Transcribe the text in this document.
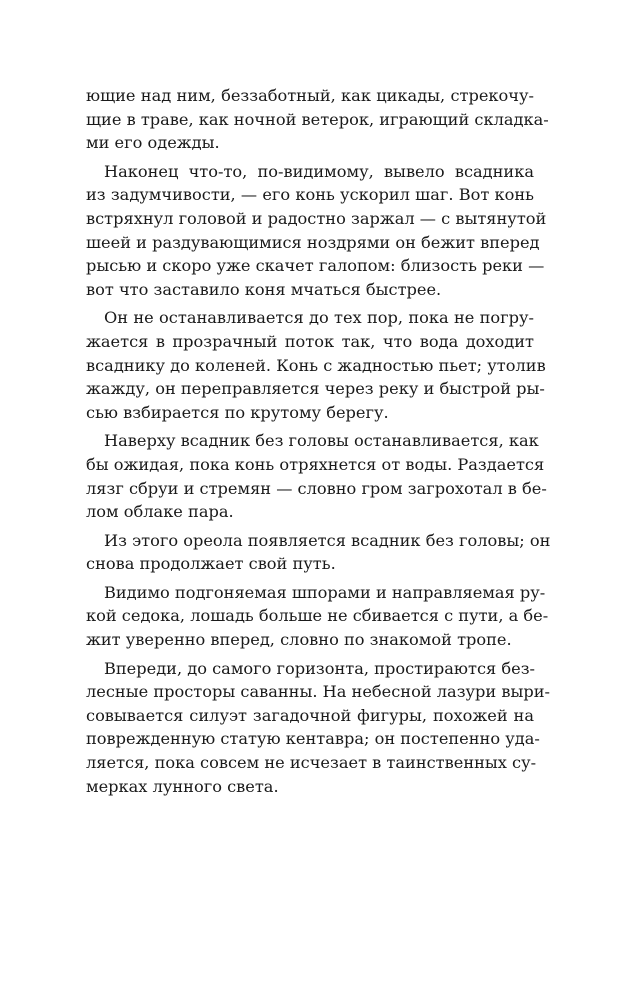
ющие над ним, беззаботный, как цикады, стрекочу-
щие в траве, как ночной ветерок, играющий складка-
ми его одежды.
Наконец что-то, по-видимому, вывело всадника
из задумчивости, — его конь ускорил шаг. Вот конь
встряхнул головой и радостно заржал — с вытянутой
шеей и раздувающимися ноздрями он бежит вперед
рысью и скоро уже скачет галопом: близость реки —
вот что заставило коня мчаться быстрее.
Он не останавливается до тех пор, пока не погру-
жается в прозрачный поток так, что вода доходит
всаднику до коленей. Конь с жадностью пьет; утолив
жажду, он переправляется через реку и быстрой ры-
сью взбирается по крутому берегу.
Наверху всадник без головы останавливается, как
бы ожидая, пока конь отряхнется от воды. Раздается
лязг сбруи и стремян — словно гром загрохотал в бе-
лом облаке пара.
Из этого ореола появляется всадник без головы; он
снова продолжает свой путь.
Видимо подгоняемая шпорами и направляемая ру-
кой седока, лошадь больше не сбивается с пути, а бе-
жит уверенно вперед, словно по знакомой тропе.
Впереди, до самого горизонта, простираются без-
лесные просторы саванны. На небесной лазури выри-
совывается силуэт загадочной фигуры, похожей на
поврежденную статую кентавра; он постепенно уда-
ляется, пока совсем не исчезает в таинственных су-
мерках лунного света.
